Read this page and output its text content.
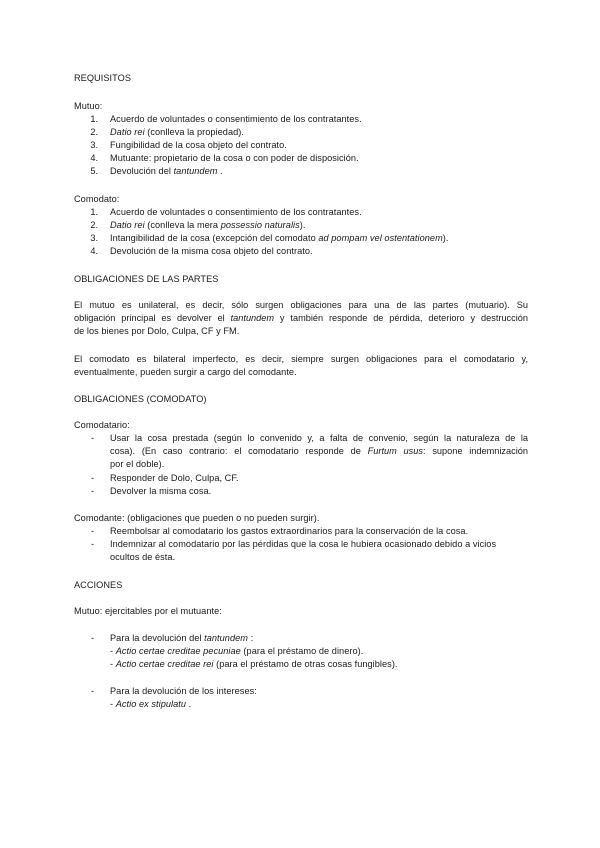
REQUISITOS
Mutuo:
1. Acuerdo de voluntades o consentimiento de los contratantes.
2. Datio rei (conlleva la propiedad).
3. Fungibilidad de la cosa objeto del contrato.
4. Mutuante: propietario de la cosa o con poder de disposición.
5. Devolución del tantundem .
Comodato:
1. Acuerdo de voluntades o consentimiento de los contratantes.
2. Datio rei (conlleva la mera possessio naturalis).
3. Intangibilidad de la cosa (excepción del comodato ad pompam vel ostentationem).
4. Devolución de la misma cosa objeto del contrato.
OBLIGACIONES DE LAS PARTES
El mutuo es unilateral, es decir, sólo surgen obligaciones para una de las partes (mutuario). Su
obligación principal es devolver el tantundem y también responde de pérdida, deterioro y destrucción
de los bienes por Dolo, Culpa, CF y FM.
El comodato es bilateral imperfecto, es decir, siempre surgen obligaciones para el comodatario y,
eventualmente, pueden surgir a cargo del comodante.
OBLIGACIONES (COMODATO)
Comodatario:
- Usar la cosa prestada (según lo convenido y, a falta de convenio, según la naturaleza de la
cosa). (En caso contrario: el comodatario responde de Furtum usus: supone indemnización
por el doble).
- Responder de Dolo, Culpa, CF.
- Devolver la misma cosa.
Comodante: (obligaciones que pueden o no pueden surgir).
- Reembolsar al comodatario los gastos extraordinarios para la conservación de la cosa.
- Indemnizar al comodatario por las pérdidas que la cosa le hubiera ocasionado debido a vicios
ocultos de ésta.
ACCIONES
Mutuo: ejercitables por el mutuante:
- Para la devolución del tantundem :
- Actio certae creditae pecuniae (para el préstamo de dinero).
- Actio certae creditae rei (para el préstamo de otras cosas fungibles).
- Para la devolución de los intereses:
- Actio ex stipulatu .
